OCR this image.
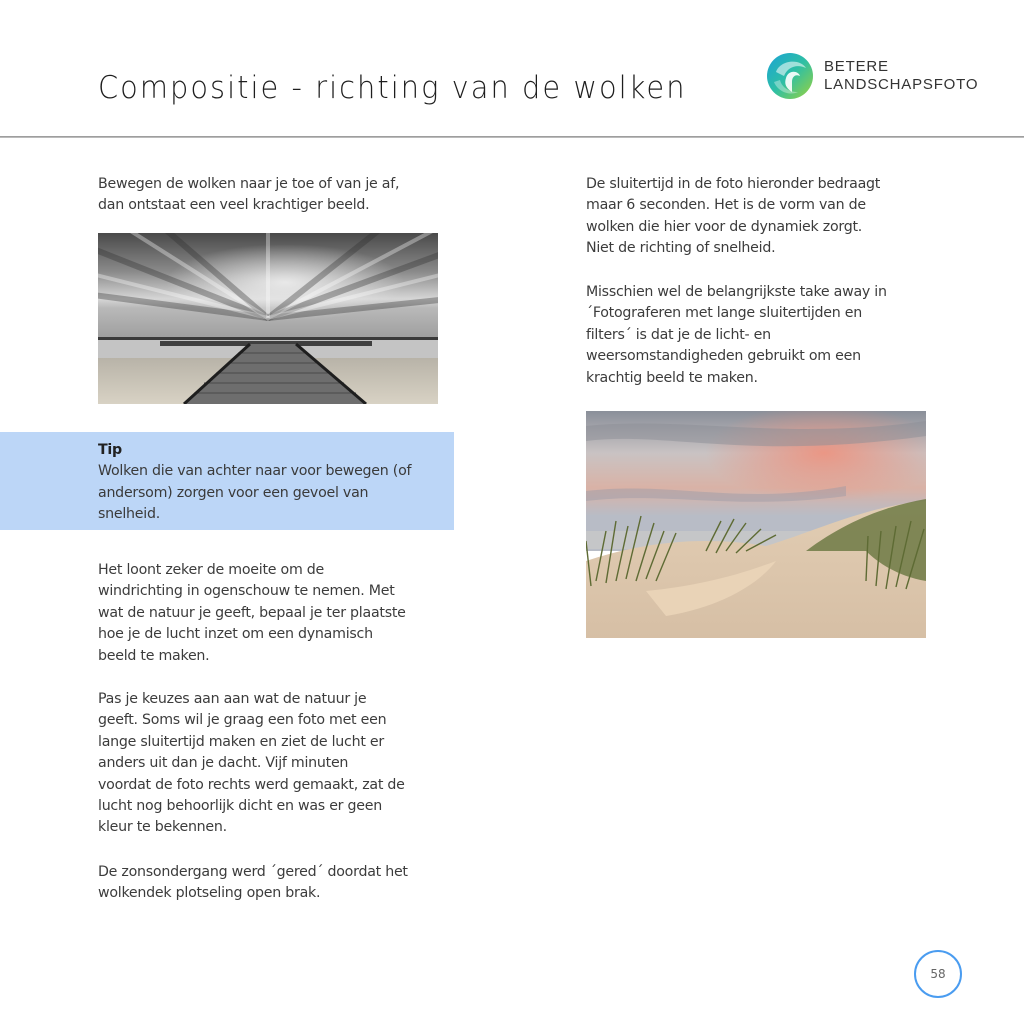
Compositie - richting van de wolken
BETERE
LANDSCHAPSFOTO

Bewegen de wolken naar je toe of van je af,

dan ontstaat een veel krachtiger beeld.

Tip
Wolken die van achter naar voor bewegen (of
andersom) zorgen voor een gevoel van
snelheid.

Het loont zeker de moeite om de

windrichting in ogenschouw te nemen. Met

wat de natuur je geeft, bepaal je ter plaatste

hoe je de lucht inzet om een dynamisch

beeld te maken.

Pas je keuzes aan aan wat de natuur je

geeft. Soms wil je graag een foto met een

lange sluitertijd maken en ziet de lucht er

anders uit dan je dacht. Vijf minuten

voordat de foto rechts werd gemaakt, zat de

lucht nog behoorlijk dicht en was er geen

kleur te bekennen.

De zonsondergang werd ´gered´ doordat het

wolkendek plotseling open brak.

De sluitertijd in de foto hieronder bedraagt

maar 6 seconden. Het is de vorm van de

wolken die hier voor de dynamiek zorgt.

Niet de richting of snelheid.

Misschien wel de belangrijkste take away in

´Fotograferen met lange sluitertijden en

filters´ is dat je de licht- en

weersomstandigheden gebruikt om een

krachtig beeld te maken.

58
